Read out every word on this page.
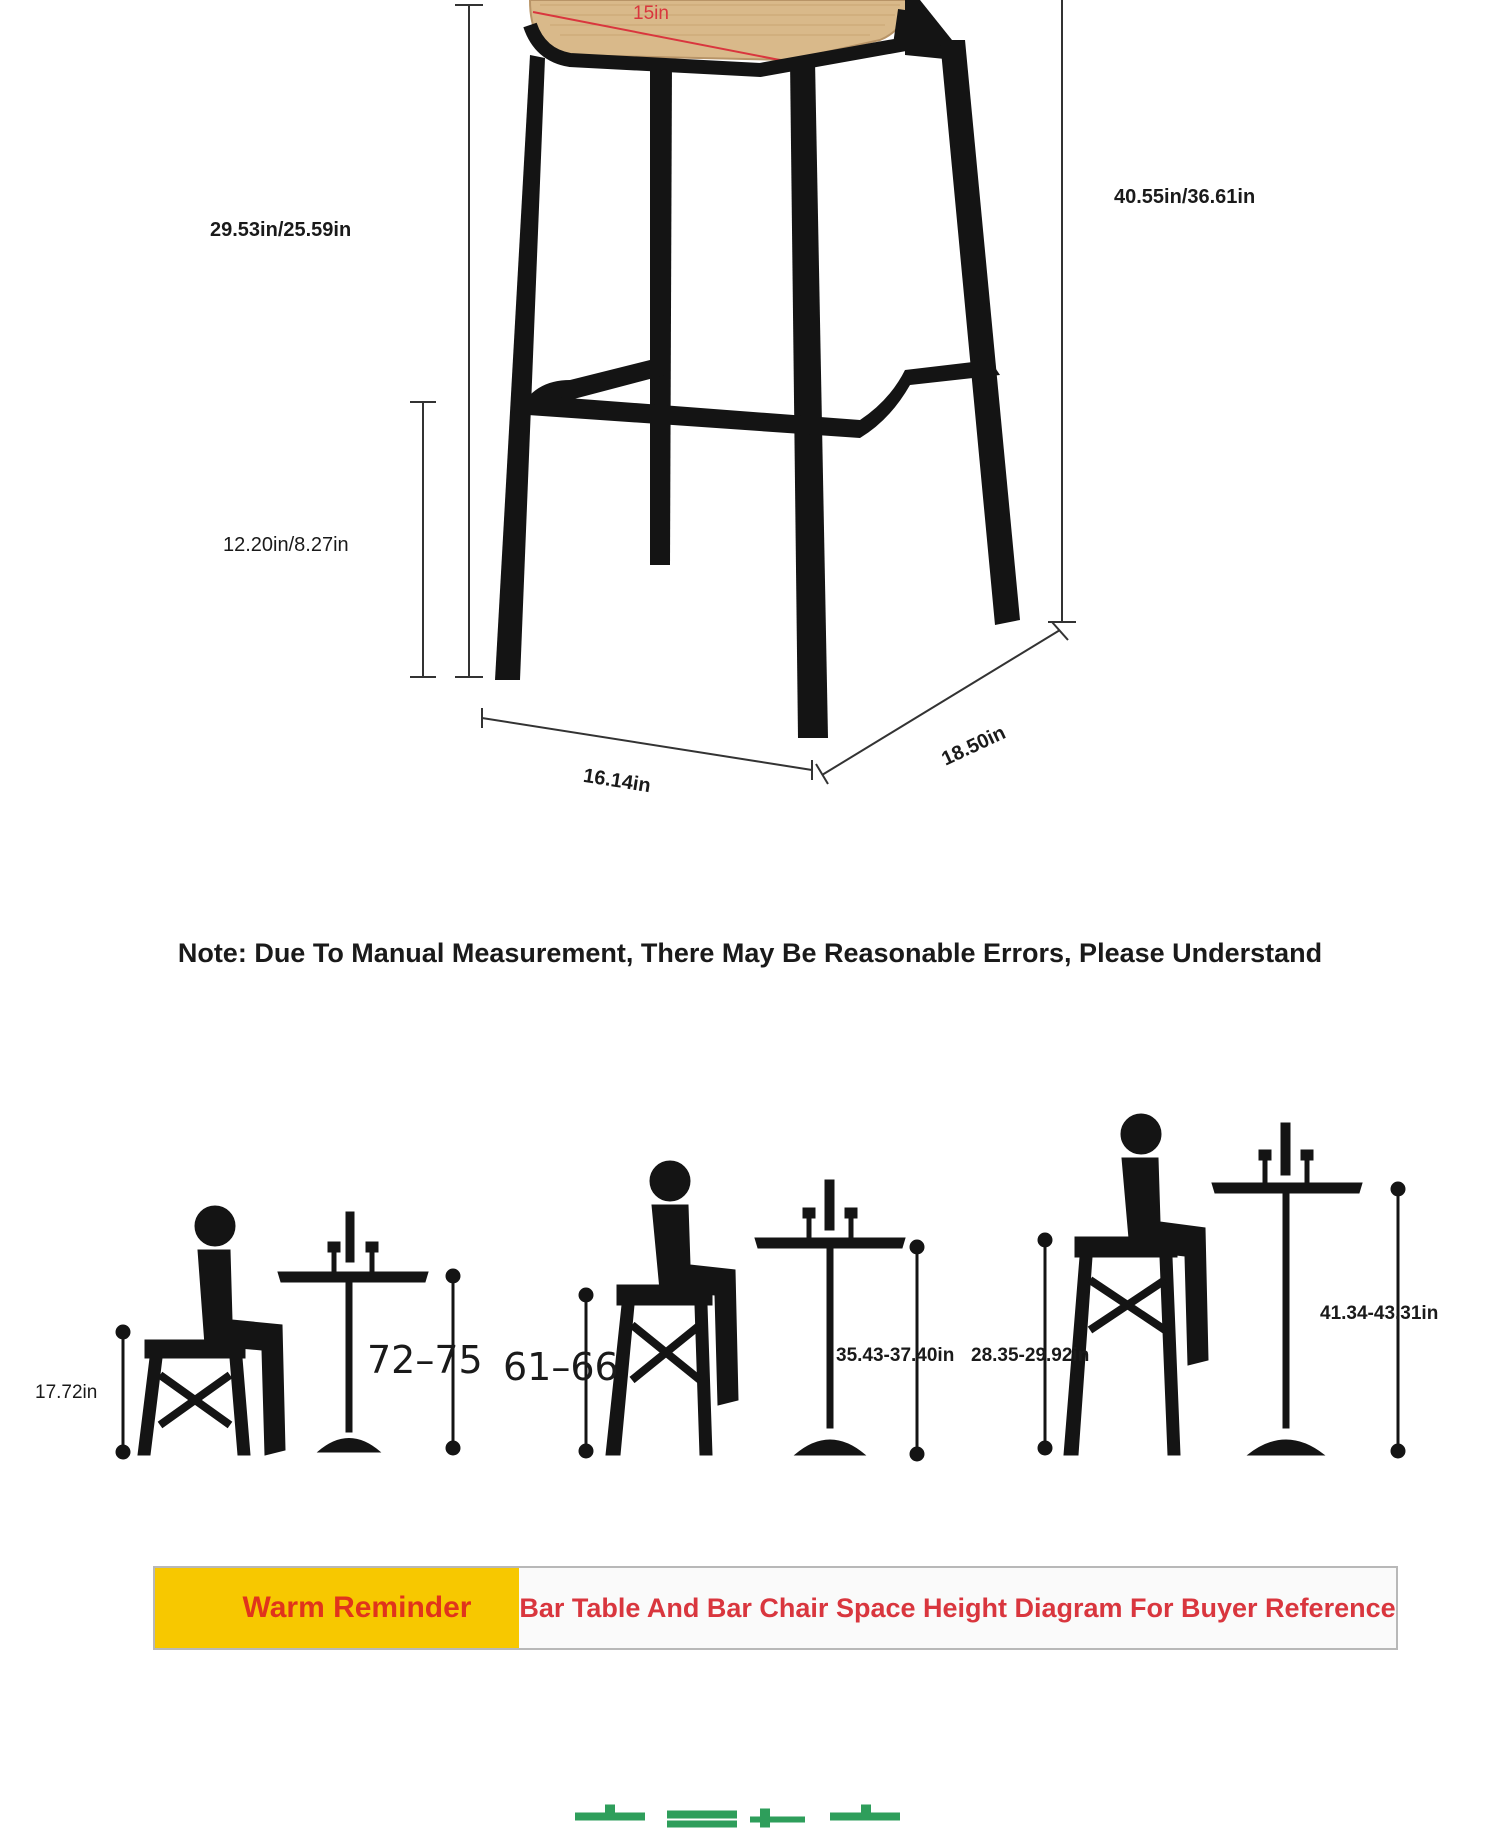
15in
29.53in/25.59in
40.55in/36.61in
12.20in/8.27in
16.14in
18.50in
Note: Due To Manual Measurement, There May Be Reasonable Errors, Please Understand
17.72in
72–75 61–66	35.43-37.40in 28.35-29.92in
41.34-43.31in
Warm Reminder Bar Table And Bar Chair Space Height Diagram For Buyer Reference
